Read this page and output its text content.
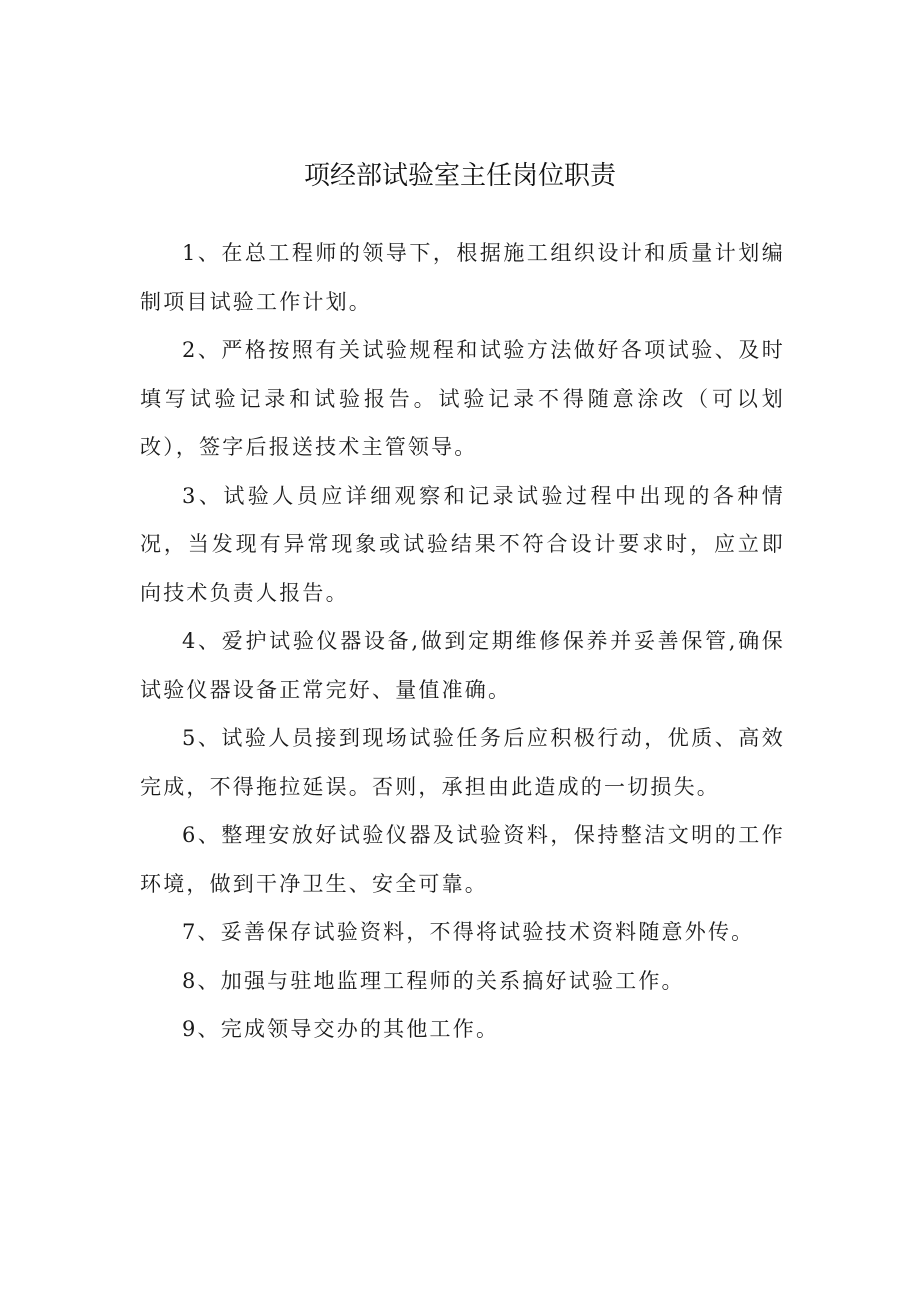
项经部试验室主任岗位职责

1、在总工程师的领导下，根据施工组织设计和质量计划编制项目试验工作计划。

2、严格按照有关试验规程和试验方法做好各项试验、及时填写试验记录和试验报告。试验记录不得随意涂改（可以划改），签字后报送技术主管领导。

3、试验人员应详细观察和记录试验过程中出现的各种情况，当发现有异常现象或试验结果不符合设计要求时，应立即向技术负责人报告。

4、爱护试验仪器设备,做到定期维修保养并妥善保管,确保试验仪器设备正常完好、量值准确。

5、试验人员接到现场试验任务后应积极行动，优质、高效完成，不得拖拉延误。否则，承担由此造成的一切损失。

6、整理安放好试验仪器及试验资料，保持整洁文明的工作环境，做到干净卫生、安全可靠。

7、妥善保存试验资料，不得将试验技术资料随意外传。

8、加强与驻地监理工程师的关系搞好试验工作。

9、完成领导交办的其他工作。
